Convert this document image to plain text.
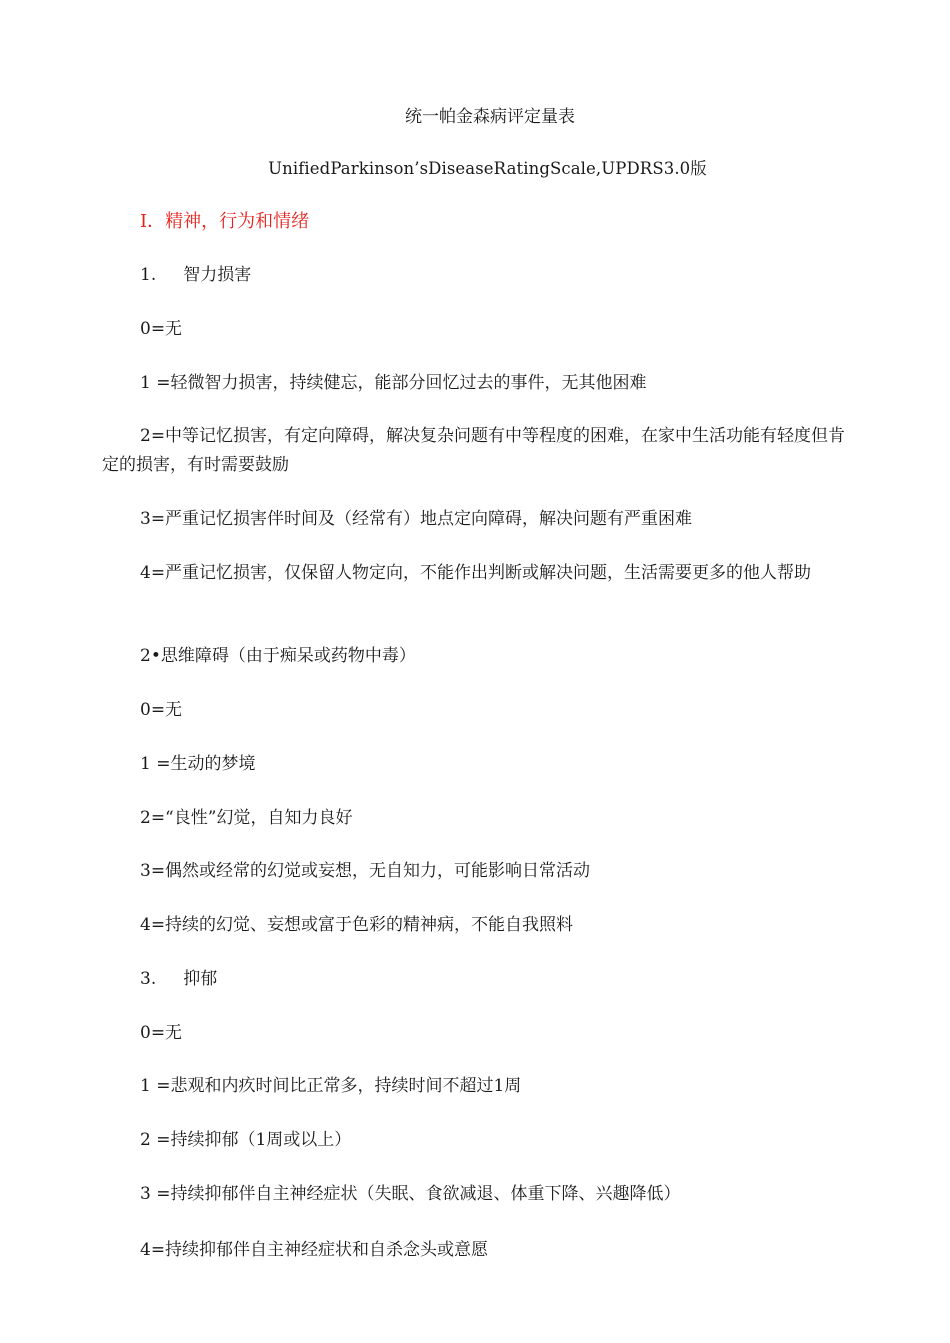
统一帕金森病评定量表
UnifiedParkinson’sDiseaseRatingScale,UPDRS3.0版
I．精神，行为和情绪
1.     智力损害
0=无
1 =轻微智力损害，持续健忘，能部分回忆过去的事件，无其他困难
2=中等记忆损害，有定向障碍，解决复杂问题有中等程度的困难，在家中生活功能有轻度但肯定的损害，有时需要鼓励
3=严重记忆损害伴时间及（经常有）地点定向障碍，解决问题有严重困难
4=严重记忆损害，仅保留人物定向，不能作出判断或解决问题，生活需要更多的他人帮助
2•思维障碍（由于痴呆或药物中毒）
0=无
1 =生动的梦境
2=“良性”幻觉，自知力良好
3=偶然或经常的幻觉或妄想，无自知力，可能影响日常活动
4=持续的幻觉、妄想或富于色彩的精神病，不能自我照料
3.     抑郁
0=无
1 =悲观和内疚时间比正常多，持续时间不超过1周
2 =持续抑郁（1周或以上）
3 =持续抑郁伴自主神经症状（失眠、食欲减退、体重下降、兴趣降低）
4=持续抑郁伴自主神经症状和自杀念头或意愿
